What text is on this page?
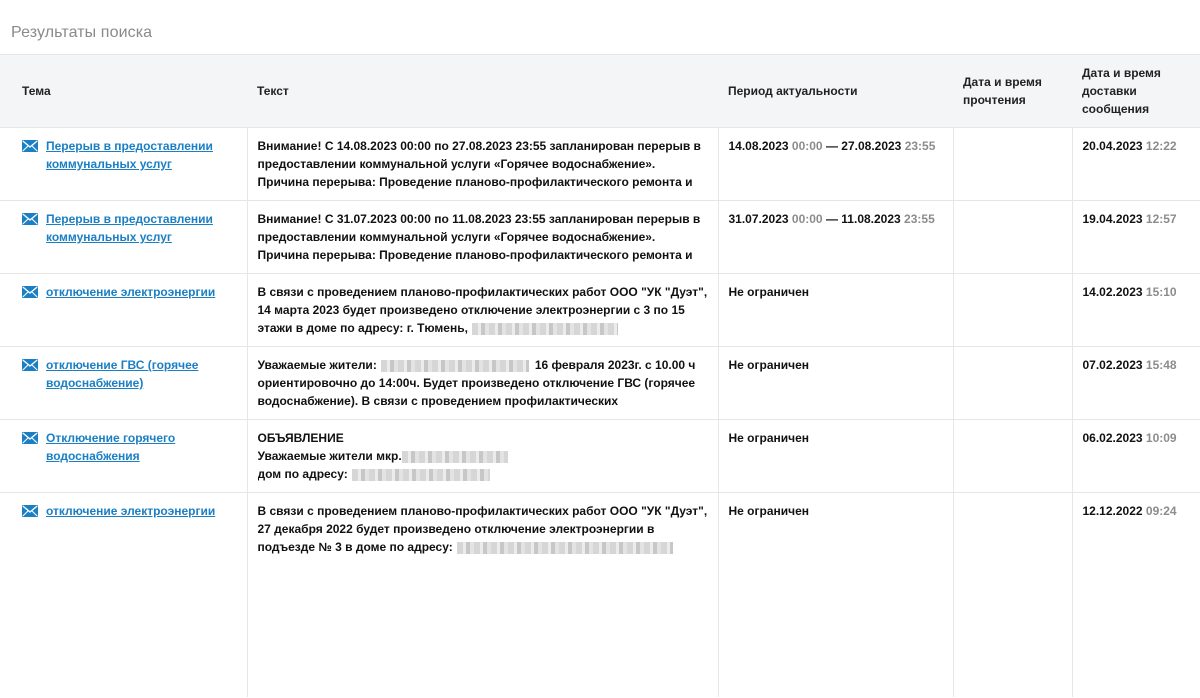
Результаты поиска
Тема	Текст	Период актуальности	Дата и время прочтения	Дата и время доставки сообщения

Перерыв в предоставлении коммунальных услуг	Внимание! С 14.08.2023 00:00 по 27.08.2023 23:55 запланирован перерыв в предоставлении коммунальной услуги «Горячее водоснабжение». Причина перерыва: Проведение планово-профилактического ремонта и	14.08.2023 00:00 — 27.08.2023 23:55		20.04.2023 12:22

Перерыв в предоставлении коммунальных услуг	Внимание! С 31.07.2023 00:00 по 11.08.2023 23:55 запланирован перерыв в предоставлении коммунальной услуги «Горячее водоснабжение». Причина перерыва: Проведение планово-профилактического ремонта и	31.07.2023 00:00 — 11.08.2023 23:55		19.04.2023 12:57

отключение электроэнергии	В связи с проведением планово-профилактических работ ООО "УК "Дуэт", 14 марта 2023 будет произведено отключение электроэнергии с 3 по 15 этажи в доме по адресу: г. Тюмень,	Не ограничен		14.02.2023 15:10

отключение ГВС (горячее водоснабжение)	Уважаемые жители: 16 февраля 2023г. с 10.00 ч ориентировочно до 14:00ч. Будет произведено отключение ГВС (горячее водоснабжение). В связи с проведением профилактических	Не ограничен		07.02.2023 15:48

Отключение горячего водоснабжения	ОБЪЯВЛЕНИЕ
Уважаемые жители мкр.
дом по адресу:	Не ограничен		06.02.2023 10:09

отключение электроэнергии	В связи с проведением планово-профилактических работ ООО "УК "Дуэт", 27 декабря 2022 будет произведено отключение электроэнергии в подъезде № 3 в доме по адресу:	Не ограничен		12.12.2022 09:24
